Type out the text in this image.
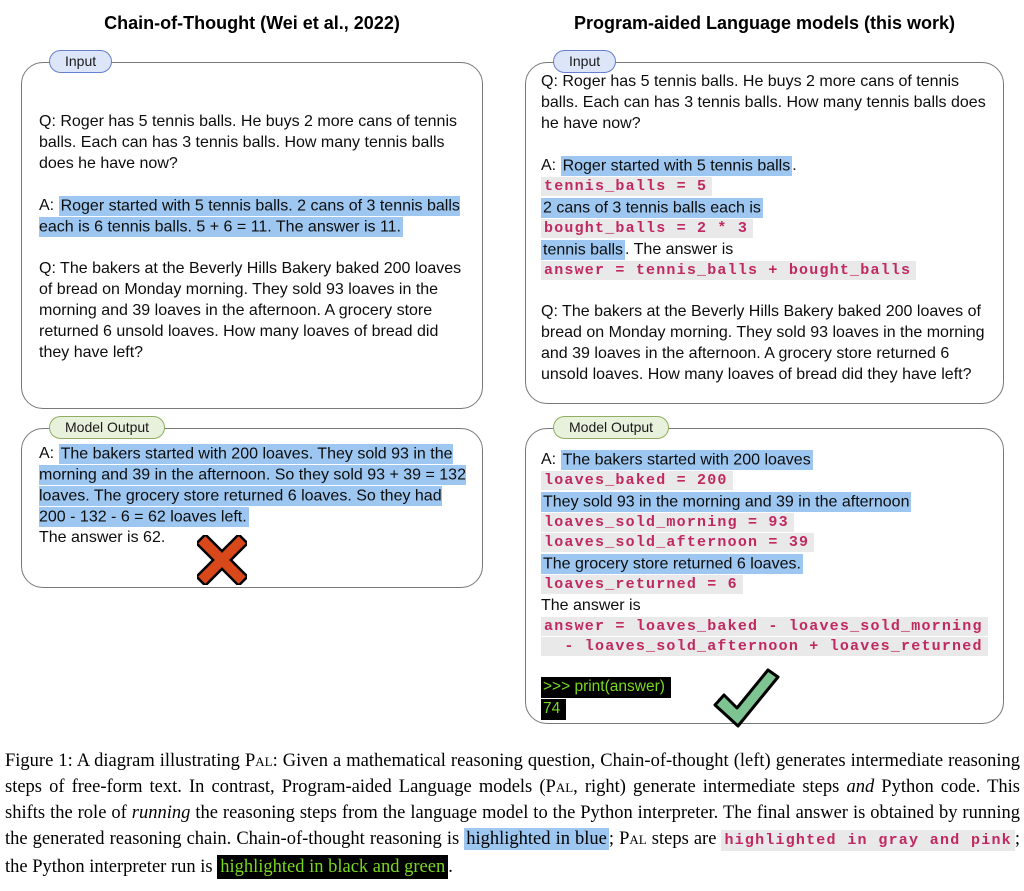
Chain-of-Thought (Wei et al., 2022)	Program-aided Language models (this work)
Input
Q: Roger has 5 tennis balls. He buys 2 more cans of tennis balls. Each can has 3 tennis balls. How many tennis balls does he have now?
A: Roger started with 5 tennis balls. 2 cans of 3 tennis balls each is 6 tennis balls. 5 + 6 = 11. The answer is 11.
Q: The bakers at the Beverly Hills Bakery baked 200 loaves of bread on Monday morning. They sold 93 loaves in the morning and 39 loaves in the afternoon. A grocery store returned 6 unsold loaves. How many loaves of bread did they have left?
Model Output
A: The bakers started with 200 loaves. They sold 93 in the morning and 39 in the afternoon. So they sold 93 + 39 = 132 loaves. The grocery store returned 6 loaves. So they had 200 - 132 - 6 = 62 loaves left.
The answer is 62.
Input
Q: Roger has 5 tennis balls. He buys 2 more cans of tennis balls. Each can has 3 tennis balls. How many tennis balls does he have now?
A: Roger started with 5 tennis balls .
tennis_balls = 5
2 cans of 3 tennis balls each is
bought_balls = 2 * 3
tennis balls . The answer is
answer = tennis_balls + bought_balls
Q: The bakers at the Beverly Hills Bakery baked 200 loaves of bread on Monday morning. They sold 93 loaves in the morning and 39 loaves in the afternoon. A grocery store returned 6 unsold loaves. How many loaves of bread did they have left?
Model Output
A: The bakers started with 200 loaves
loaves_baked = 200
They sold 93 in the morning and 39 in the afternoon
loaves_sold_morning = 93
loaves_sold_afternoon = 39
The grocery store returned 6 loaves.
loaves_returned = 6
The answer is
answer = loaves_baked - loaves_sold_morning
- loaves_sold_afternoon + loaves_returned
>>> print(answer)
74
Figure 1: A diagram illustrating Pal: Given a mathematical reasoning question, Chain-of-thought (left) generates intermediate reasoning steps of free-form text. In contrast, Program-aided Language models (Pal, right) generate intermediate steps and Python code. This shifts the role of running the reasoning steps from the language model to the Python interpreter. The final answer is obtained by running the generated reasoning chain. Chain-of-thought reasoning is highlighted in blue ; Pal steps are highlighted in gray and pink ; the Python interpreter run is highlighted in black and green .
